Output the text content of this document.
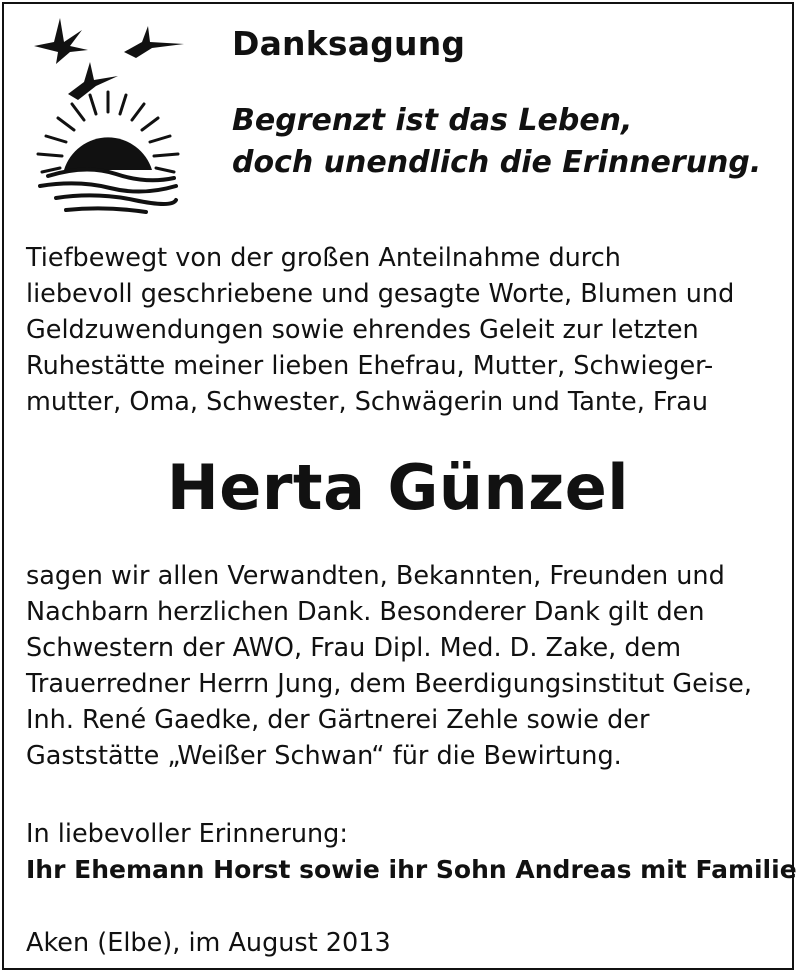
Danksagung
Begrenzt ist das Leben,
doch unendlich die Erinnerung.

Tiefbewegt von der großen Anteilnahme durch
liebevoll geschriebene und gesagte Worte, Blumen und
Geldzuwendungen sowie ehrendes Geleit zur letzten
Ruhestätte meiner lieben Ehefrau, Mutter, Schwieger-
mutter, Oma, Schwester, Schwägerin und Tante, Frau

Herta Günzel

sagen wir allen Verwandten, Bekannten, Freunden und
Nachbarn herzlichen Dank. Besonderer Dank gilt den
Schwestern der AWO, Frau Dipl. Med. D. Zake, dem
Trauerredner Herrn Jung, dem Beerdigungsinstitut Geise,
Inh. René Gaedke, der Gärtnerei Zehle sowie der
Gaststätte „Weißer Schwan“ für die Bewirtung.

In liebevoller Erinnerung:
Ihr Ehemann Horst sowie ihr Sohn Andreas mit Familie
Aken (Elbe), im August 2013
